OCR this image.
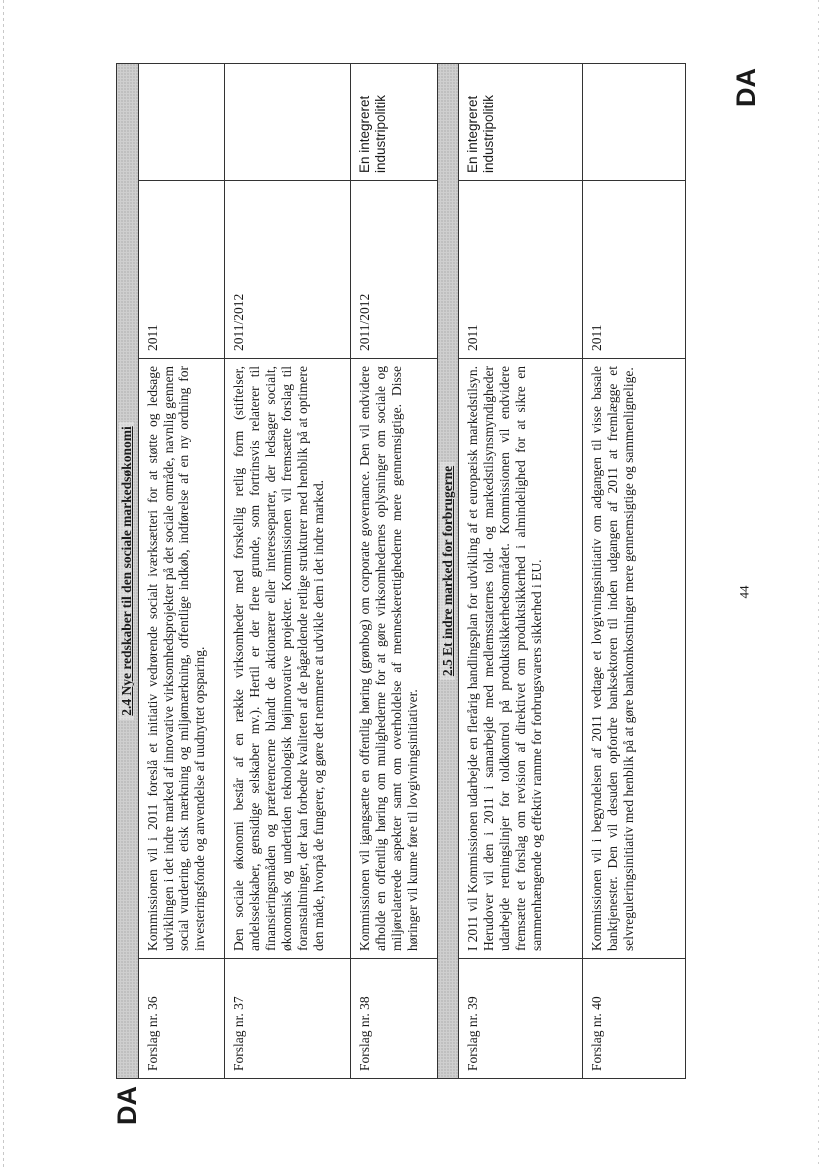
2.4 Nye redskaber til den sociale markedsøkonomi			
Forslag nr. 36	Kommissionen vil i 2011 foreslå et initiativ vedrørende socialt iværksætteri for at støtte og ledsage udviklingen i det indre marked af innovative virksomhedsprojekter på det sociale område, navnlig gennem social vurdering, etisk mærkning og miljømærkning, offentlige indkøb, indførelse af en ny ordning for investeringsfonde og anvendelse af uudnyttet opsparing.	2011	
Forslag nr. 37	Den sociale økonomi består af en række virksomheder med forskellig retlig form (stiftelser, andelsselskaber, gensidige selskaber mv.). Hertil er der flere grunde, som fortrinsvis relaterer til finansieringsmåden og præferencerne blandt de aktionærer eller interesseparter, der ledsager socialt, økonomisk og undertiden teknologisk højinnovative projekter. Kommissionen vil fremsætte forslag til foranstaltninger, der kan forbedre kvaliteten af de pågældende retlige strukturer med henblik på at optimere den måde, hvorpå de fungerer, og gøre det nemmere at udvikle dem i det indre marked.	2011/2012	
Forslag nr. 38	Kommissionen vil igangsætte en offentlig høring (grønbog) om corporate governance. Den vil endvidere afholde en offentlig høring om mulighederne for at gøre virksomhedernes oplysninger om sociale og miljørelaterede aspekter samt om overholdelse af menneskerettighederne mere gennemsigtige. Disse høringer vil kunne føre til lovgivningsinitiativer.	2011/2012	En integreret industripolitik
2.5 Et indre marked for forbrugerne			
Forslag nr. 39	I 2011 vil Kommissionen udarbejde en flerårig handlingsplan for udvikling af et europæisk markedstilsyn. Herudover vil den i 2011 i samarbejde med medlemsstaternes told- og markedstilsynsmyndigheder udarbejde retningslinjer for toldkontrol på produktsikkerhedsområdet. Kommissionen vil endvidere fremsætte et forslag om revision af direktivet om produktsikkerhed i almindelighed for at sikre en sammenhængende og effektiv ramme for forbrugsvarers sikkerhed i EU.	2011	En integreret industripolitik
Forslag nr. 40	Kommissionen vil i begyndelsen af 2011 vedtage et lovgivningsinitiativ om adgangen til visse basale banktjenester. Den vil desuden opfordre banksektoren til inden udgangen af 2011 at fremlægge et selvreguleringsinitiativ med henblik på at gøre bankomkostninger mere gennemsigtige og sammenlignelige.	2011	
44
DA
DA
